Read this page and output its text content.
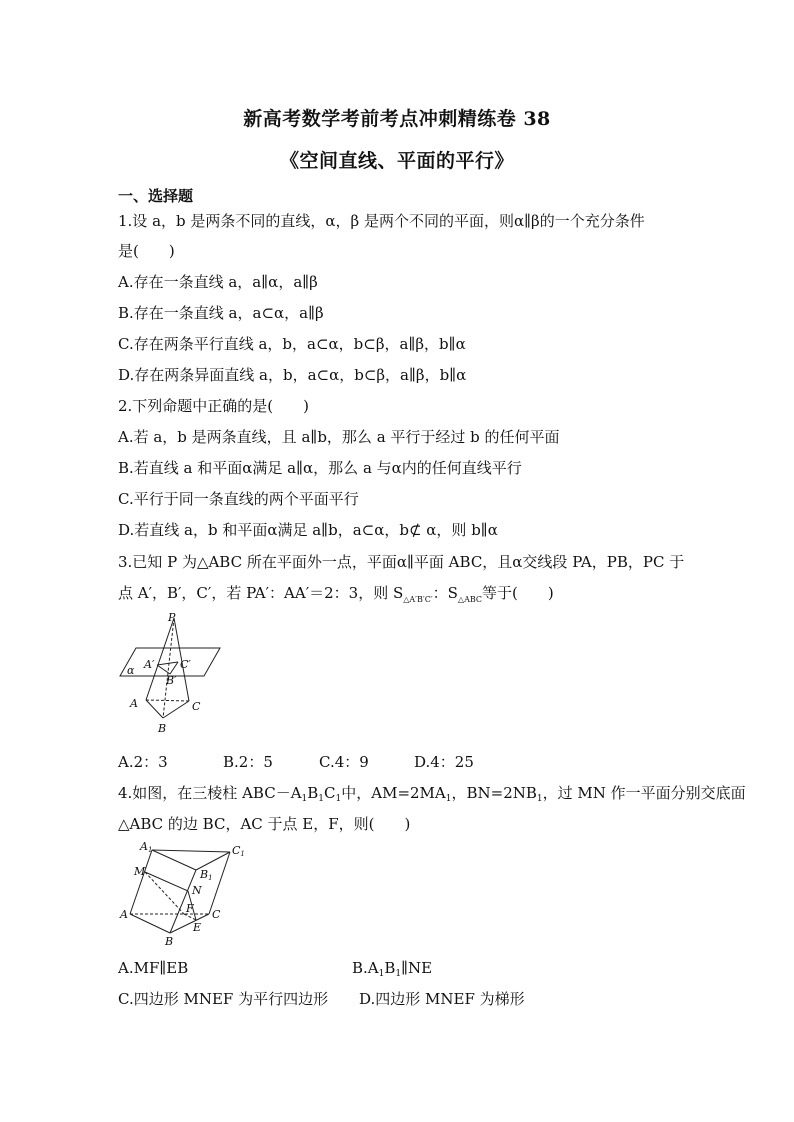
新高考数学考前考点冲刺精练卷 38
《空间直线、平面的平行》
一、选择题
1.设 a，b 是两条不同的直线，α，β 是两个不同的平面，则α∥β的一个充分条件
是(　　)
A.存在一条直线 a，a∥α，a∥β
B.存在一条直线 a，a⊂α，a∥β
C.存在两条平行直线 a，b，a⊂α，b⊂β，a∥β，b∥α
D.存在两条异面直线 a，b，a⊂α，b⊂β，a∥β，b∥α
2.下列命题中正确的是(　　)
A.若 a，b 是两条直线，且 a∥b，那么 a 平行于经过 b 的任何平面
B.若直线 a 和平面α满足 a∥α，那么 a 与α内的任何直线平行
C.平行于同一条直线的两个平面平行
D.若直线 a，b 和平面α满足 a∥b，a⊂α，b⊄ α，则 b∥α
3.已知 P 为△ABC 所在平面外一点，平面α∥平面 ABC，且α交线段 PA，PB，PC 于
点 A′，B′，C′，若 PA′：AA′＝2：3，则 $S_{\triangle A'B'C'}$：$S_{\triangle ABC}$等于(　　)
P
A′ C′
B′
α
A	C
B
A.2：3	B.2：5	C.4：9	D.4：25
4.如图，在三棱柱 $ABC-A_1B_1C_1$中，$AM=2MA_1$，$BN=2NB_1$，过 MN 作一平面分别交底面
△ABC 的边 BC，AC 于点 E，F，则(　　)
A1	C1
B1
M
N
F
A	C
E
B
A.MF∥EB	$B.A_1B_1\parallel NE$
C.四边形 MNEF 为平行四边形 D.四边形 MNEF 为梯形
